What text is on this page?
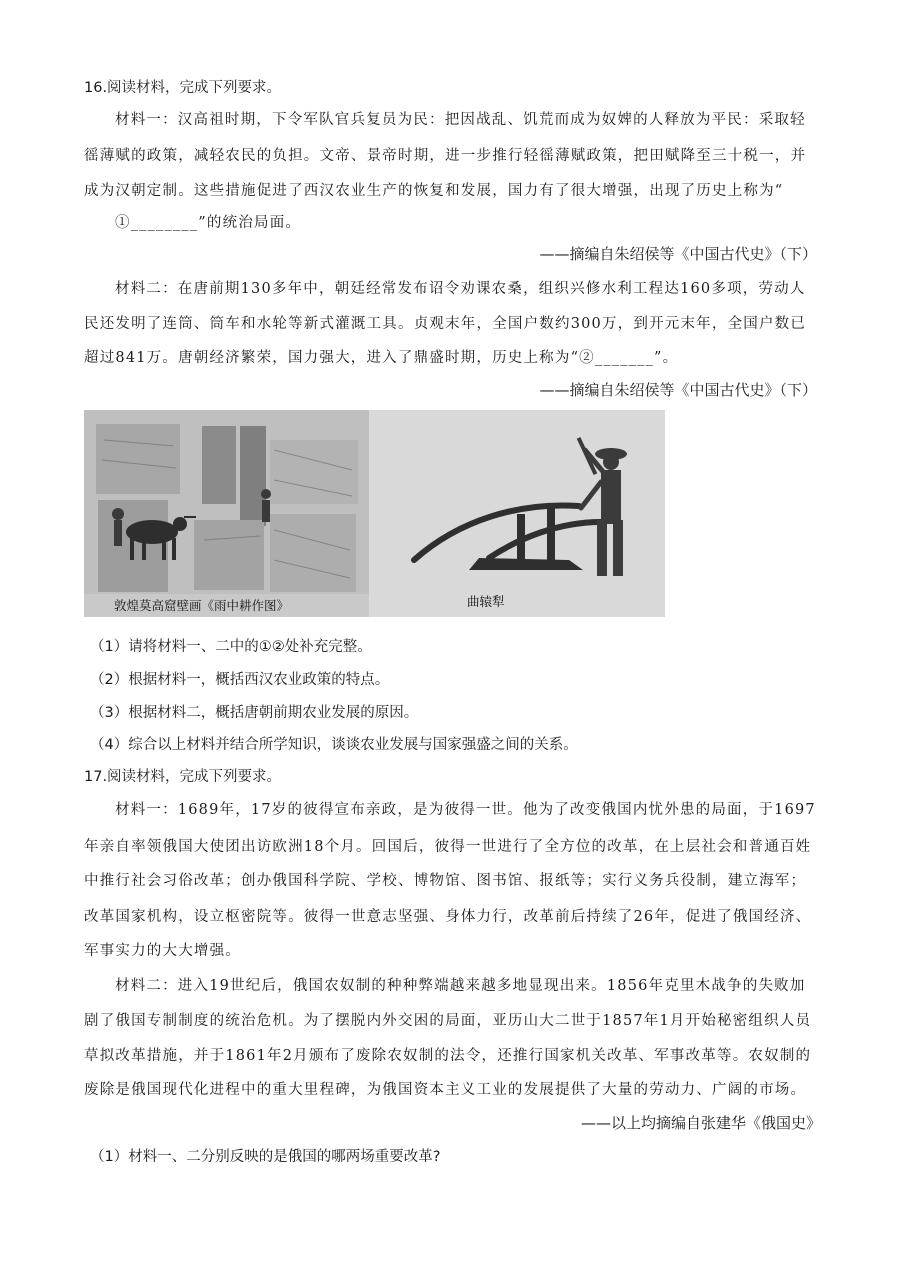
16.阅读材料，完成下列要求。
材料一：汉高祖时期，下令军队官兵复员为民：把因战乱、饥荒而成为奴婢的人释放为平民：采取轻
徭薄赋的政策，减轻农民的负担。文帝、景帝时期，进一步推行轻徭薄赋政策，把田赋降至三十税一，并
成为汉朝定制。这些措施促进了西汉农业生产的恢复和发展，国力有了很大增强，出现了历史上称为“
①________”的统治局面。
——摘编自朱绍侯等《中国古代史》（下）
材料二：在唐前期130多年中，朝廷经常发布诏令劝课农桑，组织兴修水利工程达160多项，劳动人
民还发明了连筒、筒车和水轮等新式灌溉工具。贞观末年，全国户数约300万，到开元末年，全国户数已
超过841万。唐朝经济繁荣，国力强大，进入了鼎盛时期，历史上称为“②_______”。
——摘编自朱绍侯等《中国古代史》（下）
敦煌莫高窟壁画《雨中耕作图》	曲辕犁
（1）请将材料一、二中的①②处补充完整。
（2）根据材料一，概括西汉农业政策的特点。
（3）根据材料二，概括唐朝前期农业发展的原因。
（4）综合以上材料并结合所学知识，谈谈农业发展与国家强盛之间的关系。
17.阅读材料，完成下列要求。
材料一：1689年，17岁的彼得宣布亲政，是为彼得一世。他为了改变俄国内忧外患的局面，于1697
年亲自率领俄国大使团出访欧洲18个月。回国后，彼得一世进行了全方位的改革，在上层社会和普通百姓
中推行社会习俗改革；创办俄国科学院、学校、博物馆、图书馆、报纸等；实行义务兵役制，建立海军；
改革国家机构，设立枢密院等。彼得一世意志坚强、身体力行，改革前后持续了26年，促进了俄国经济、
军事实力的大大增强。
材料二：进入19世纪后，俄国农奴制的种种弊端越来越多地显现出来。1856年克里木战争的失败加
剧了俄国专制制度的统治危机。为了摆脱内外交困的局面，亚历山大二世于1857年1月开始秘密组织人员
草拟改革措施，并于1861年2月颁布了废除农奴制的法令，还推行国家机关改革、军事改革等。农奴制的
废除是俄国现代化进程中的重大里程碑，为俄国资本主义工业的发展提供了大量的劳动力、广阔的市场。
——以上均摘编自张建华《俄国史》
（1）材料一、二分别反映的是俄国的哪两场重要改革?
